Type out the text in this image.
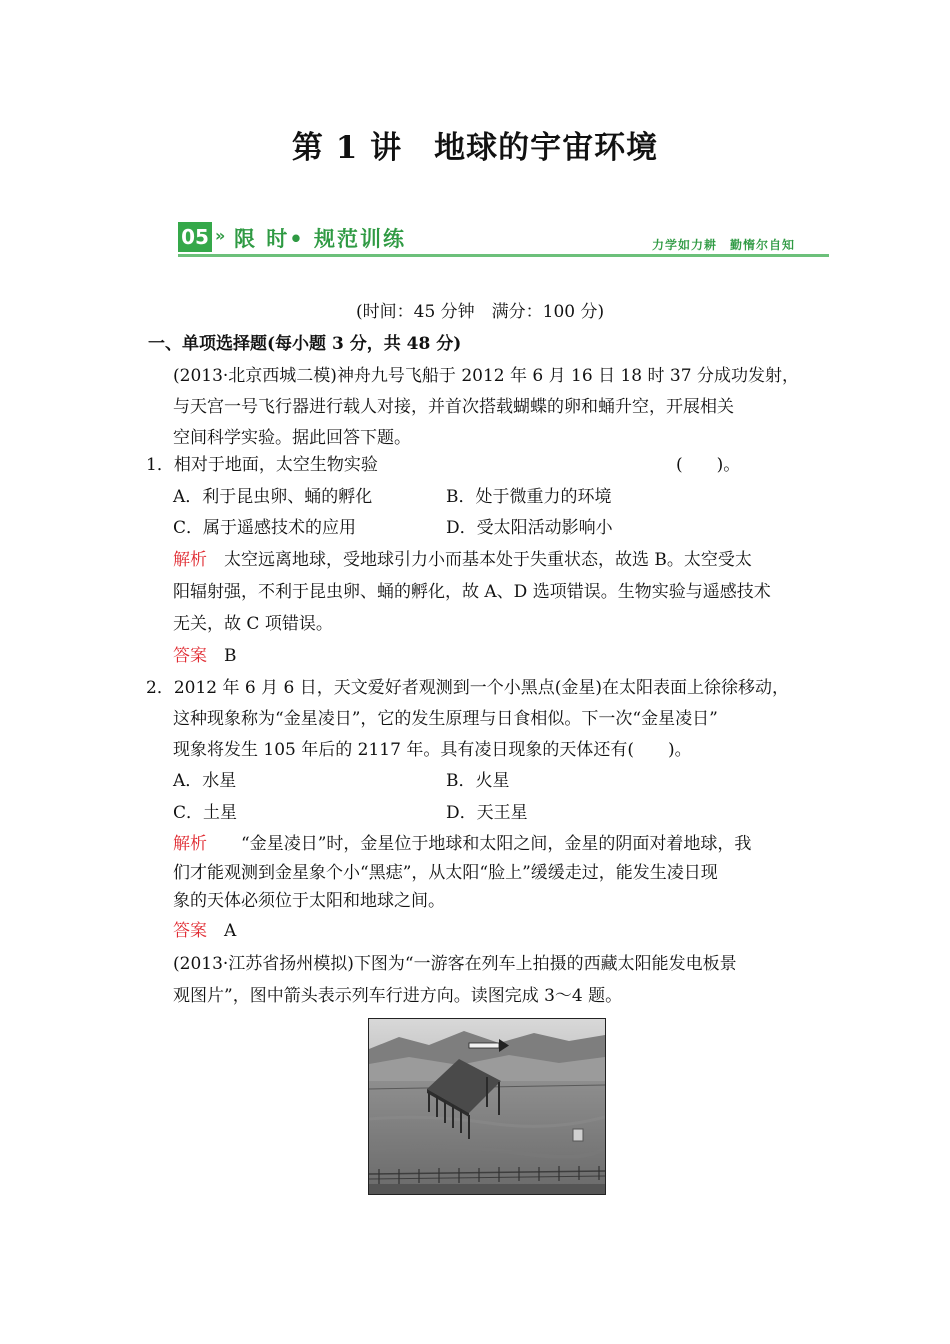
第 1 讲　地球的宇宙环境
05 » 限 时• 规范训练	力学如力耕　勤惰尔自知
(时间：45 分钟　满分：100 分)
一、单项选择题(每小题 3 分，共 48 分)
(2013·北京西城二模)神舟九号飞船于 2012 年 6 月 16 日 18 时 37 分成功发射，
与天宫一号飞行器进行载人对接，并首次搭载蝴蝶的卵和蛹升空，开展相关
空间科学实验。据此回答下题。
1．相对于地面，太空生物实验	(　　)。
A．利于昆虫卵、蛹的孵化	B．处于微重力的环境
C．属于遥感技术的应用	D．受太阳活动影响小
解析　 太空远离地球，受地球引力小而基本处于失重状态，故选 B。太空受太
阳辐射强，不利于昆虫卵、蛹的孵化，故 A、D 选项错误。生物实验与遥感技术
无关，故 C 项错误。
答案　 B
2．2012 年 6 月 6 日，天文爱好者观测到一个小黑点(金星)在太阳表面上徐徐移动，
这种现象称为“金星凌日”，它的发生原理与日食相似。下一次“金星凌日”
现象将发生 105 年后的 2117 年。具有凌日现象的天体还有(　　)。
A．水星	B．火星
C．土星	D．天王星
解析　　 “金星凌日”时，金星位于地球和太阳之间，金星的阴面对着地球，我
们才能观测到金星象个小“黑痣”，从太阳“脸上”缓缓走过，能发生凌日现
象的天体必须位于太阳和地球之间。
答案　 A
(2013·江苏省扬州模拟)下图为“一游客在列车上拍摄的西藏太阳能发电板景
观图片”，图中箭头表示列车行进方向。读图完成 3～4 题。
